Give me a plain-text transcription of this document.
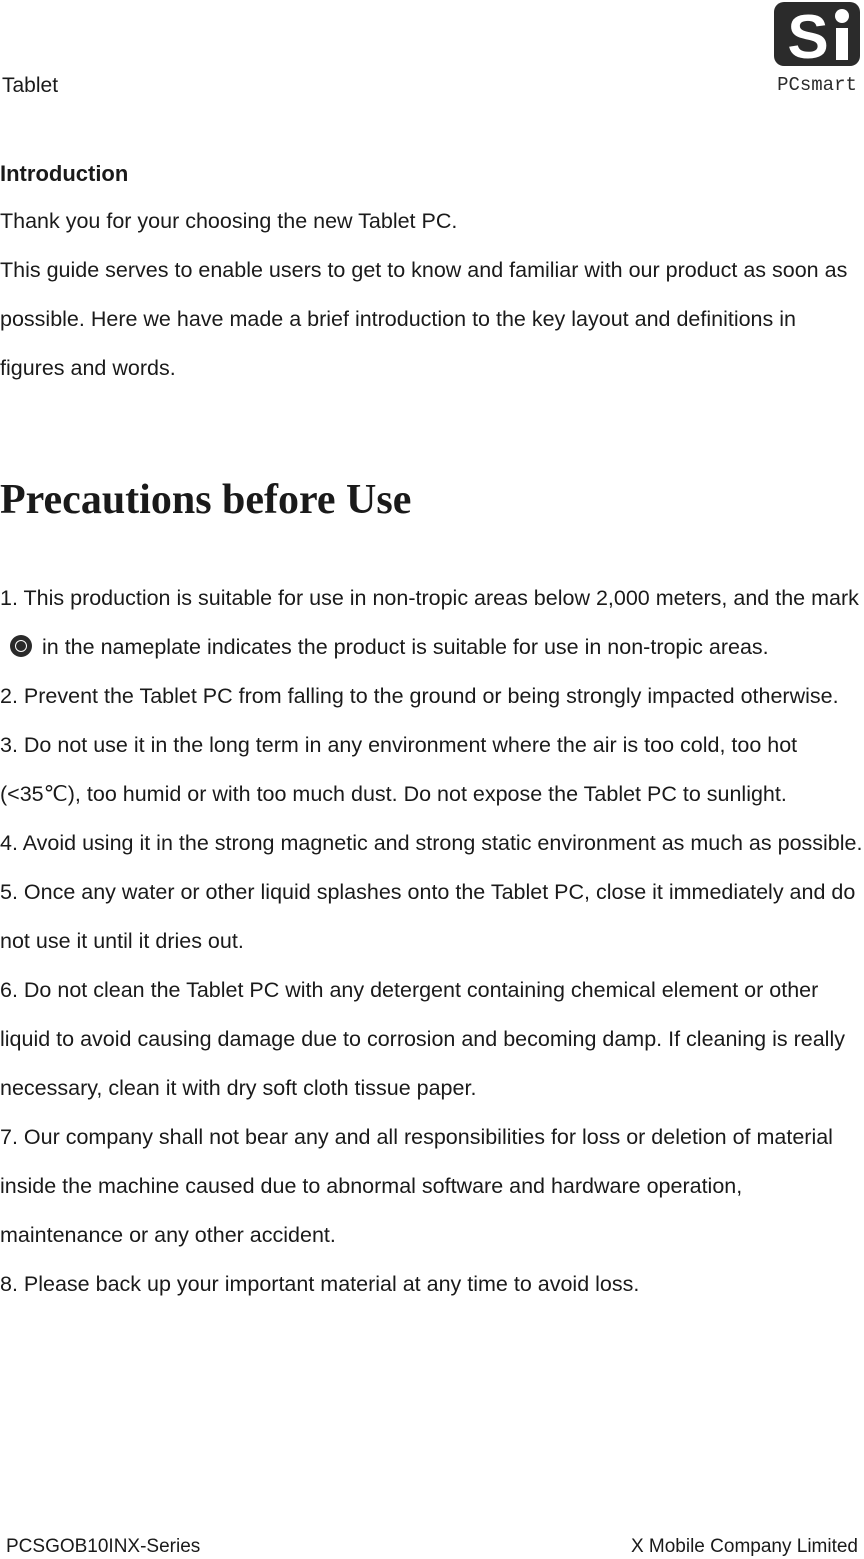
Tablet
S
PCsmart
Introduction

Thank you for your choosing the new Tablet PC.

This guide serves to enable users to get to know and familiar with our product as soon as possible. Here we have made a brief introduction to the key layout and definitions in figures and words.

Precautions before Use
1. This production is suitable for use in non-tropic areas below 2,000 meters, and the markin the nameplate indicates the product is suitable for use in non-tropic areas.
2. Prevent the Tablet PC from falling to the ground or being strongly impacted otherwise.
3. Do not use it in the long term in any environment where the air is too cold, too hot (<35℃), too humid or with too much dust. Do not expose the Tablet PC to sunlight.
4. Avoid using it in the strong magnetic and strong static environment as much as possible.
5. Once any water or other liquid splashes onto the Tablet PC, close it immediately and do not use it until it dries out.
6. Do not clean the Tablet PC with any detergent containing chemical element or other liquid to avoid causing damage due to corrosion and becoming damp. If cleaning is really necessary, clean it with dry soft cloth tissue paper.
7. Our company shall not bear any and all responsibilities for loss or deletion of material inside the machine caused due to abnormal software and hardware operation, maintenance or any other accident.
8. Please back up your important material at any time to avoid loss.
PCSGOB10INX-Series	X Mobile Company Limited
